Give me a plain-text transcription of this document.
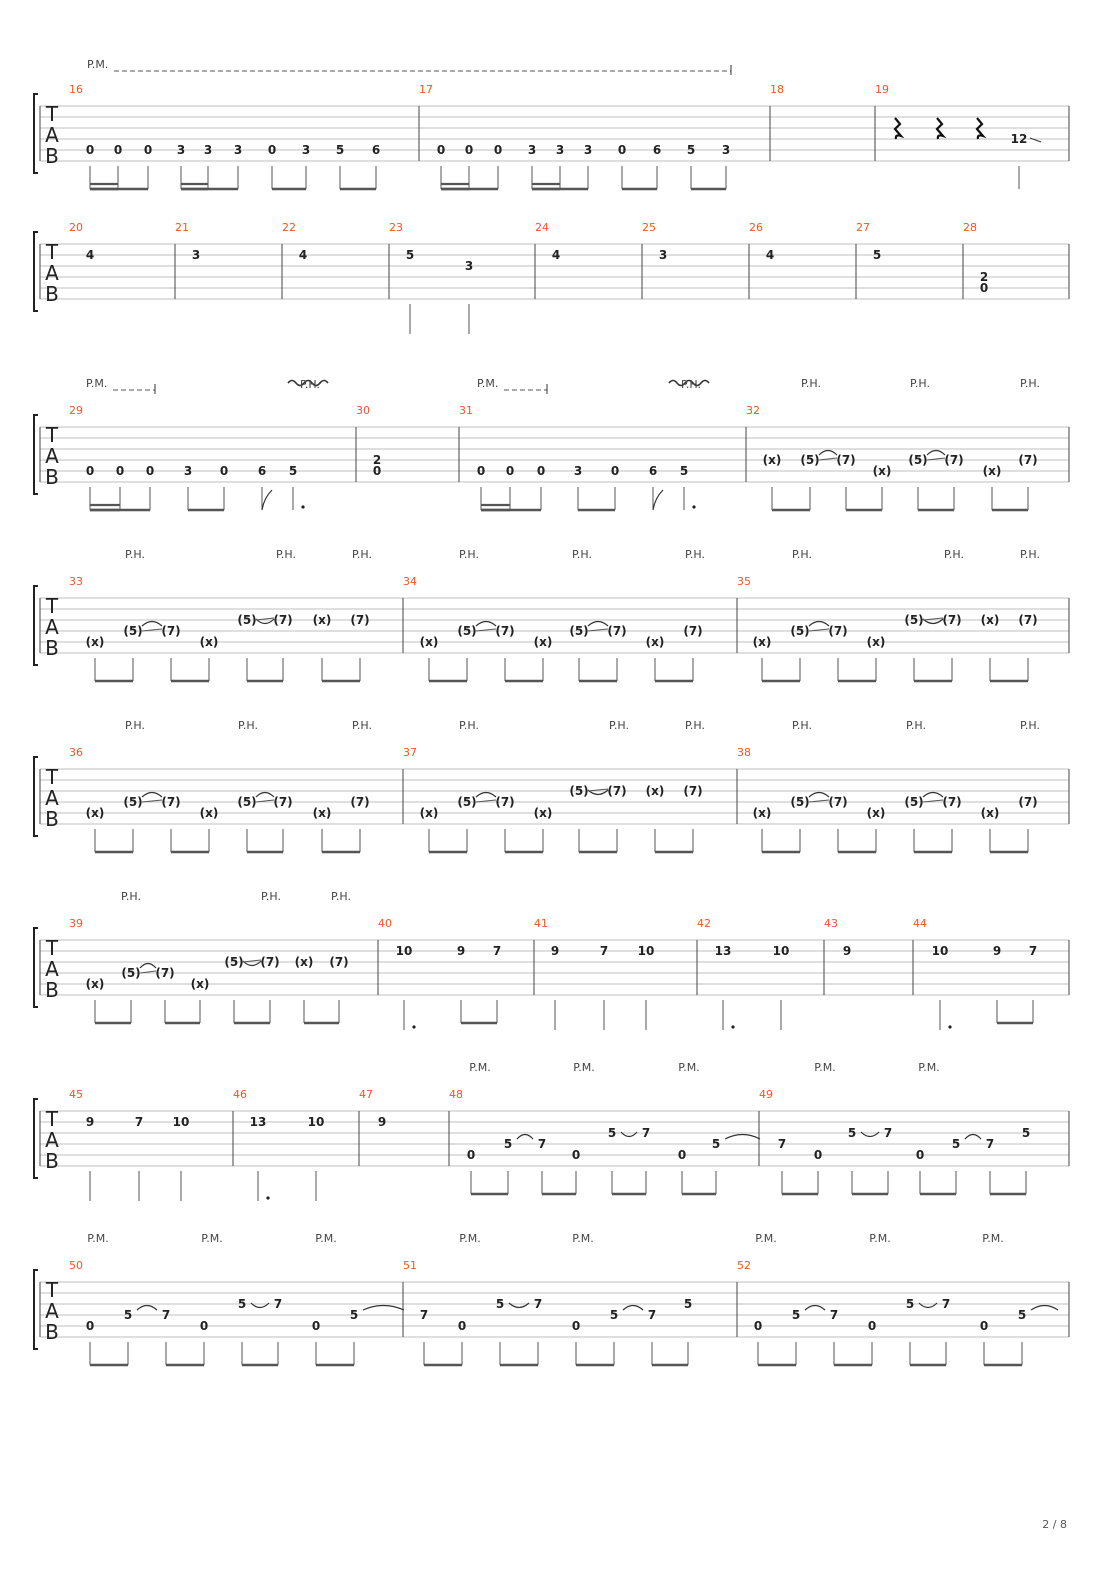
T
A
B
P.M.
16
0 0 0 3 3 3 0 3 5 6
17
0 0 0 3 3 3 0 6 5 3
18	19
12
T
A
B
20
4
21
3
22
4
23
5
3
24
4
25
3
26
4
27
5
28
2
0
T
A
B
P.M.	P.H.	P.M.	P.H.	P.H.	P.H.	P.H.
29
0 0 0 3 0 6 5
30
2
0
31
0 0 0 3 0 6 5
32
(x) (5) (7)
(x)
(5) (7)
(x)
(7)
T
A
B
P.H.	P.H.	P.H.	P.H.	P.H.	P.H.	P.H.	P.H.	P.H.
33
(x)
(5) (7)
(x)
(5) (7) (x) (7)
34
(x)
(5) (7)
(x)
(5) (7)
(x)
(7)
35
(x)
(5) (7)
(x)
(5) (7) (x) (7)
T
A
B
P.H.	P.H.	P.H.	P.H.	P.H.	P.H.	P.H.	P.H.	P.H.
36
(x)
(5) (7)
(x)
(5) (7)
(x)
(7)
37
(x)
(5) (7)
(x)
(5) (7) (x) (7)
38
(x)
(5) (7)
(x)
(5) (7)
(x)
(7)
T
A
B
P.H.	P.H.	P.H.
39
(x)
(5) (7)
(x)
(5) (7) (x) (7)
40
10	9 7
41
9	7 10
42
13	10
43
9
44
10	9 7
T
A
B
P.M.	P.M.	P.M.	P.M.	P.M.
45
9	7 10
46
13	10
47
9
48
0
5 7
0
5 7
0
5
49
7
0
5 7
0
5 7
5
T
A
B
P.M.	P.M.	P.M.	P.M.	P.M.	P.M.	P.M.	P.M.
50
0
5 7
0
5 7
0
5
51
7
0
5 7
0
5 7
5
52
0
5 7
0
5 7
0
5
2 / 8
